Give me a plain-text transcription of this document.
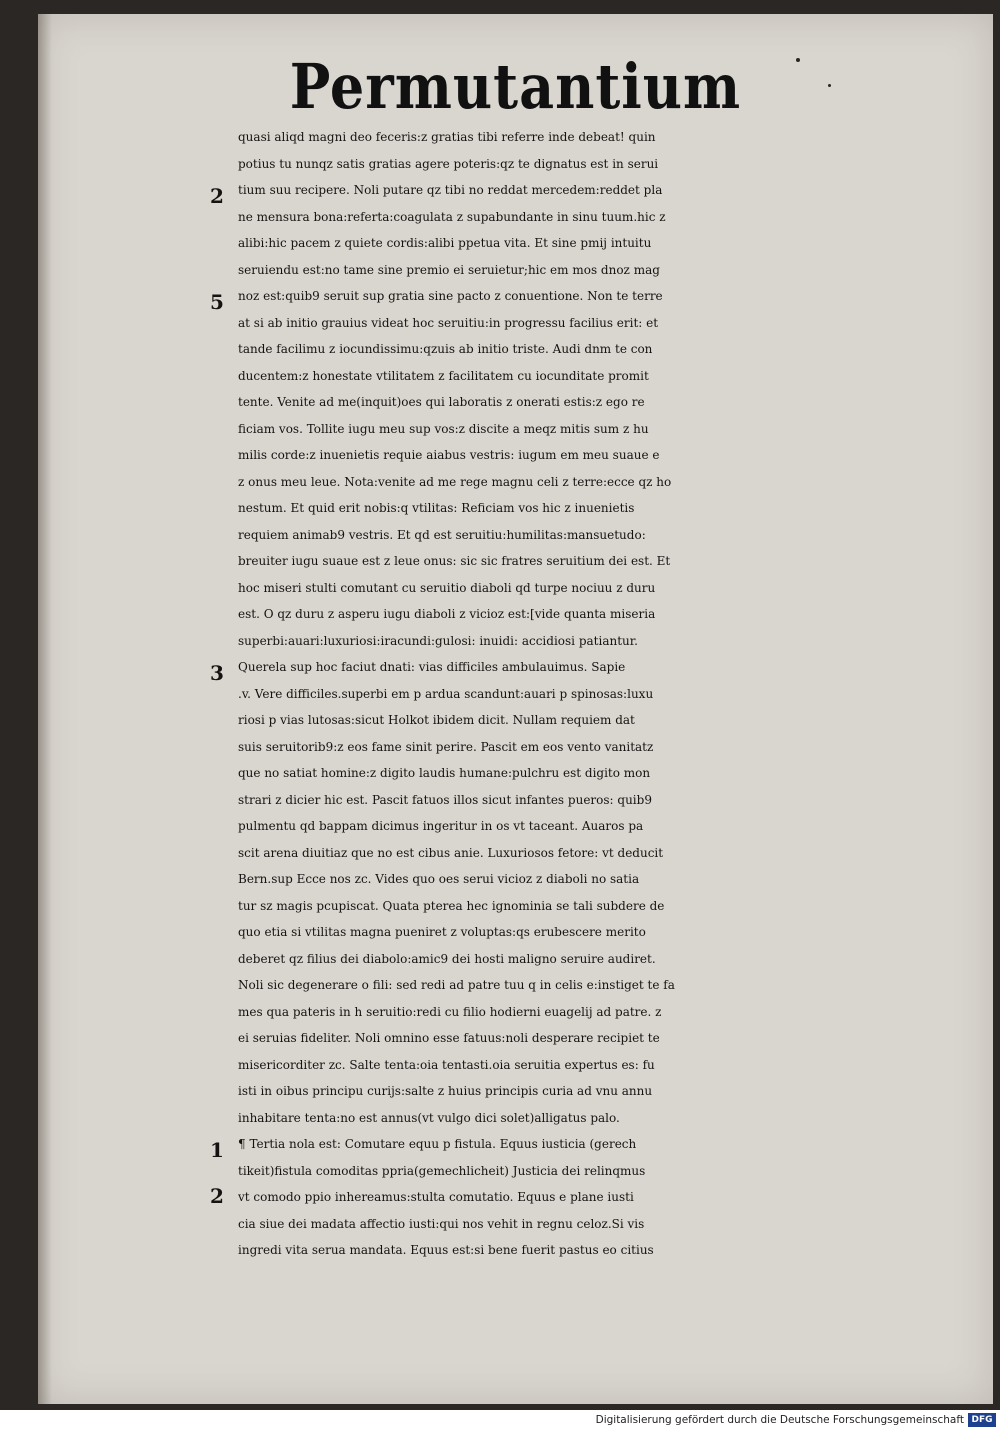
Permutantium
2
5
3
1
2
quasi aliqd magni deo feceris:z gratias tibi referre inde debeat! quin
potius tu nunqz satis gratias agere poteris:qz te dignatus est in serui
tium suu recipere. Noli putare qz tibi no reddat mercedem:reddet pla
ne mensura bona:referta:coagulata z supabundante in sinu tuum.hic z
alibi:hic pacem z quiete cordis:alibi ppetua vita. Et sine pmij intuitu
seruiendu est:no tame sine premio ei seruietur;hic em mos dnoz mag
noz est:quib9 seruit sup gratia sine pacto z conuentione. Non te terre
at si ab initio grauius videat hoc seruitiu:in progressu facilius erit: et
tande facilimu z iocundissimu:qzuis ab initio triste. Audi dnm te con
ducentem:z honestate vtilitatem z facilitatem cu iocunditate promit
tente. Venite ad me(inquit)oes qui laboratis z onerati estis:z ego re
ficiam vos. Tollite iugu meu sup vos:z discite a meqz mitis sum z hu
milis corde:z inuenietis requie aiabus vestris: iugum em meu suaue e
z onus meu leue. Nota:venite ad me rege magnu celi z terre:ecce qz ho
nestum. Et quid erit nobis:q vtilitas: Reficiam vos hic z inuenietis
requiem animab9 vestris. Et qd est seruitiu:humilitas:mansuetudo:
breuiter iugu suaue est z leue onus: sic sic fratres seruitium dei est. Et
hoc miseri stulti comutant cu seruitio diaboli qd turpe nociuu z duru
est. O qz duru z asperu iugu diaboli z vicioz est:[vide quanta miseria
superbi:auari:luxuriosi:iracundi:gulosi: inuidi: accidiosi patiantur.
Querela sup hoc faciut dnati: vias difficiles ambulauimus. Sapie
.v. Vere difficiles.superbi em p ardua scandunt:auari p spinosas:luxu
riosi p vias lutosas:sicut Holkot ibidem dicit. Nullam requiem dat
suis seruitorib9:z eos fame sinit perire. Pascit em eos vento vanitatz
que no satiat homine:z digito laudis humane:pulchru est digito mon
strari z dicier hic est. Pascit fatuos illos sicut infantes pueros: quib9
pulmentu qd bappam dicimus ingeritur in os vt taceant. Auaros pa
scit arena diuitiaz que no est cibus anie. Luxuriosos fetore: vt deducit
Bern.sup Ecce nos zc. Vides quo oes serui vicioz z diaboli no satia
tur sz magis pcupiscat. Quata pterea hec ignominia se tali subdere de
quo etia si vtilitas magna pueniret z voluptas:qs erubescere merito
deberet qz filius dei diabolo:amic9 dei hosti maligno seruire audiret.
Noli sic degenerare o fili: sed redi ad patre tuu q in celis e:instiget te fa
mes qua pateris in h seruitio:redi cu filio hodierni euagelij ad patre. z
ei seruias fideliter. Noli omnino esse fatuus:noli desperare recipiet te
misericorditer zc. Salte tenta:oia tentasti.oia seruitia expertus es: fu
isti in oibus principu curijs:salte z huius principis curia ad vnu annu
inhabitare tenta:no est annus(vt vulgo dici solet)alligatus palo.
¶ Tertia nola est: Comutare equu p fistula. Equus iusticia (gerech
tikeit)fistula comoditas ppria(gemechlicheit) Justicia dei relinqmus
vt comodo ppio inhereamus:stulta comutatio. Equus e plane iusti
cia siue dei madata affectio iusti:qui nos vehit in regnu celoz.Si vis
ingredi vita serua mandata. Equus est:si bene fuerit pastus eo citius
Digitalisierung gefördert durch die Deutsche Forschungsgemeinschaft DFG
